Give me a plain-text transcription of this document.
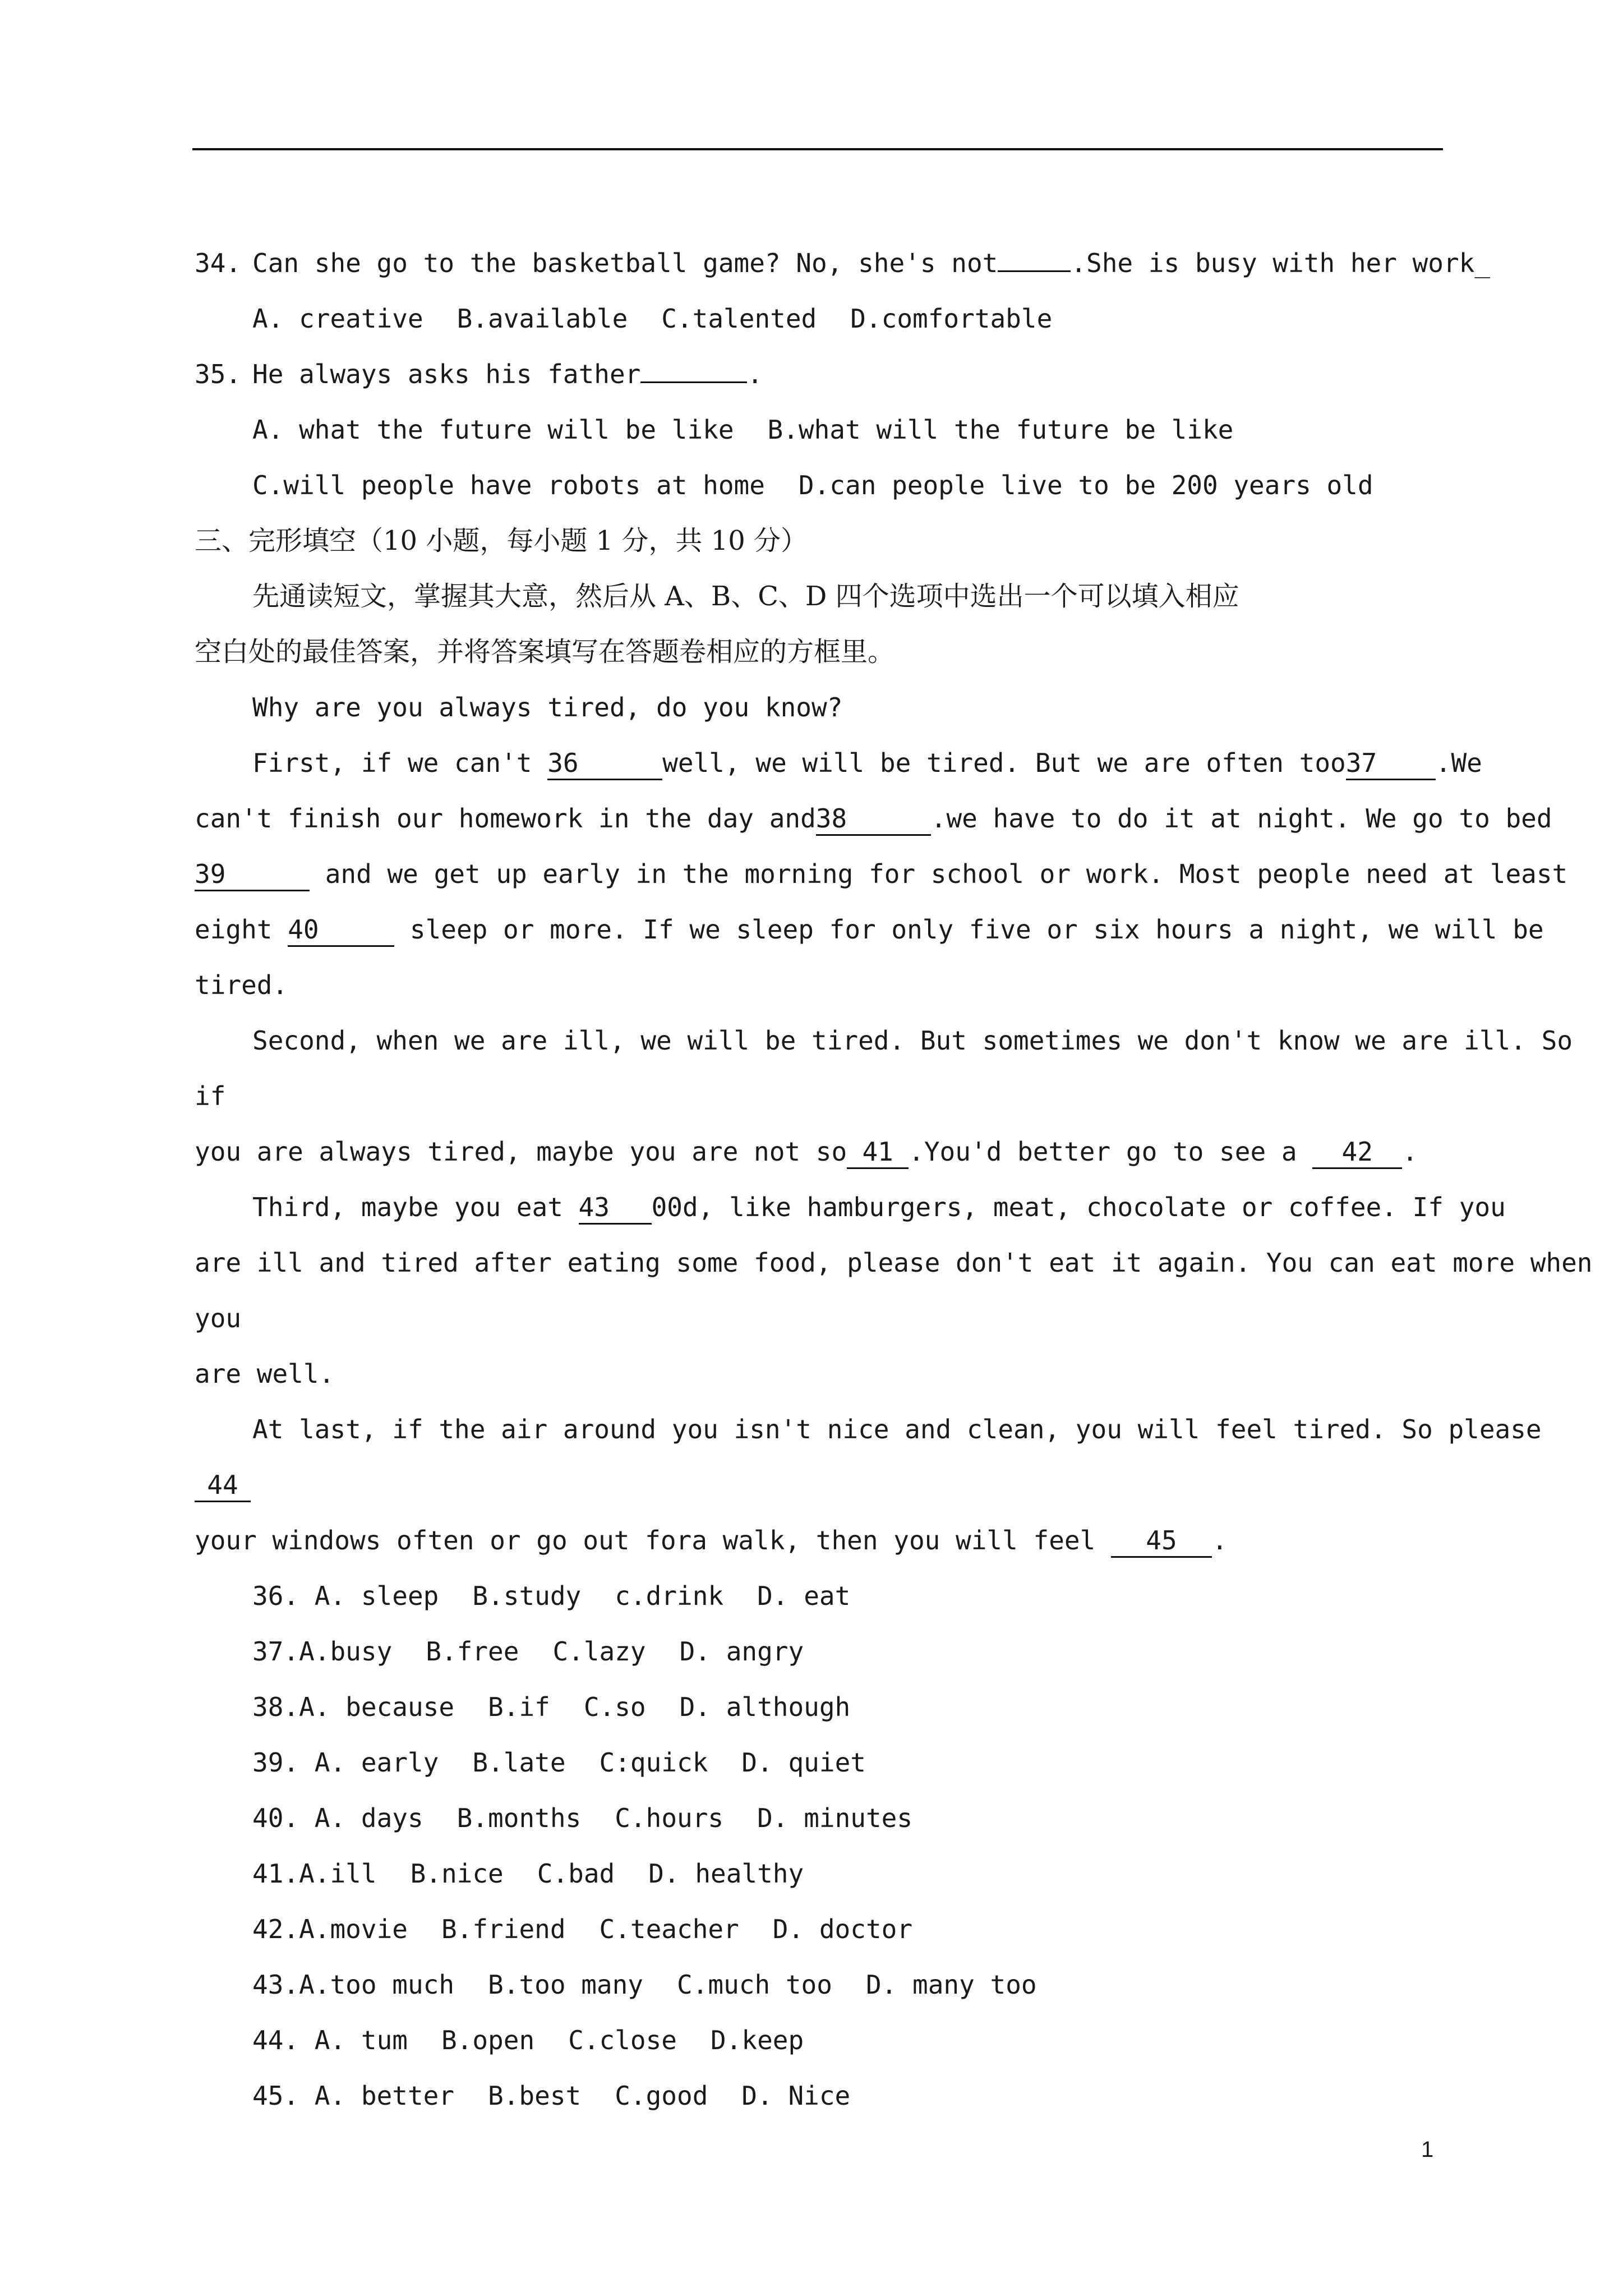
34. Can she go to the basketball game? No, she's not	.She is busy with her work_
A. creative B.available C.talented D.comfortable
35. He always asks his father	.
A. what the future will be like B.what will the future be like
C.will people have robots at home D.can people live to be 200 years old
三、完形填空（10 小题，每小题 1 分，共 10 分）
先通读短文，掌握其大意，然后从 A、B、C、D 四个选项中选出一个可以填入相应
空白处的最佳答案，并将答案填写在答题卷相应的方框里。
Why are you always tired, do you know?
First, if we can't 36	well, we will be tired. But we are often too37 .We
can't finish our homework in the day and38	.we have to do it at night. We go to bed
39	and we get up early in the morning for school or work. Most people need at least
eight 40	sleep or more. If we sleep for only five or six hours a night, we will be
tired.
Second, when we are ill, we will be tired. But sometimes we don't know we are ill. So
if
you are always tired, maybe you are not so 41 .You'd better go to see a 42 .
Third, maybe you eat 43 00d, like hamburgers, meat, chocolate or coffee. If you
are ill and tired after eating some food, please don't eat it again. You can eat more when
you
are well.
At last, if the air around you isn't nice and clean, you will feel tired. So please
44
your windows often or go out fora walk, then you will feel 45 .
36. A. sleep B.study c.drink D. eat
37.A.busy B.free C.lazy D. angry
38.A. because B.if C.so D. although
39. A. early B.late C:quick D. quiet
40. A. days B.months C.hours D. minutes
41.A.ill B.nice C.bad D. healthy
42.A.movie B.friend C.teacher D. doctor
43.A.too much B.too many C.much too D. many too
44. A. tum B.open C.close D.keep
45. A. better B.best C.good D. Nice
1
